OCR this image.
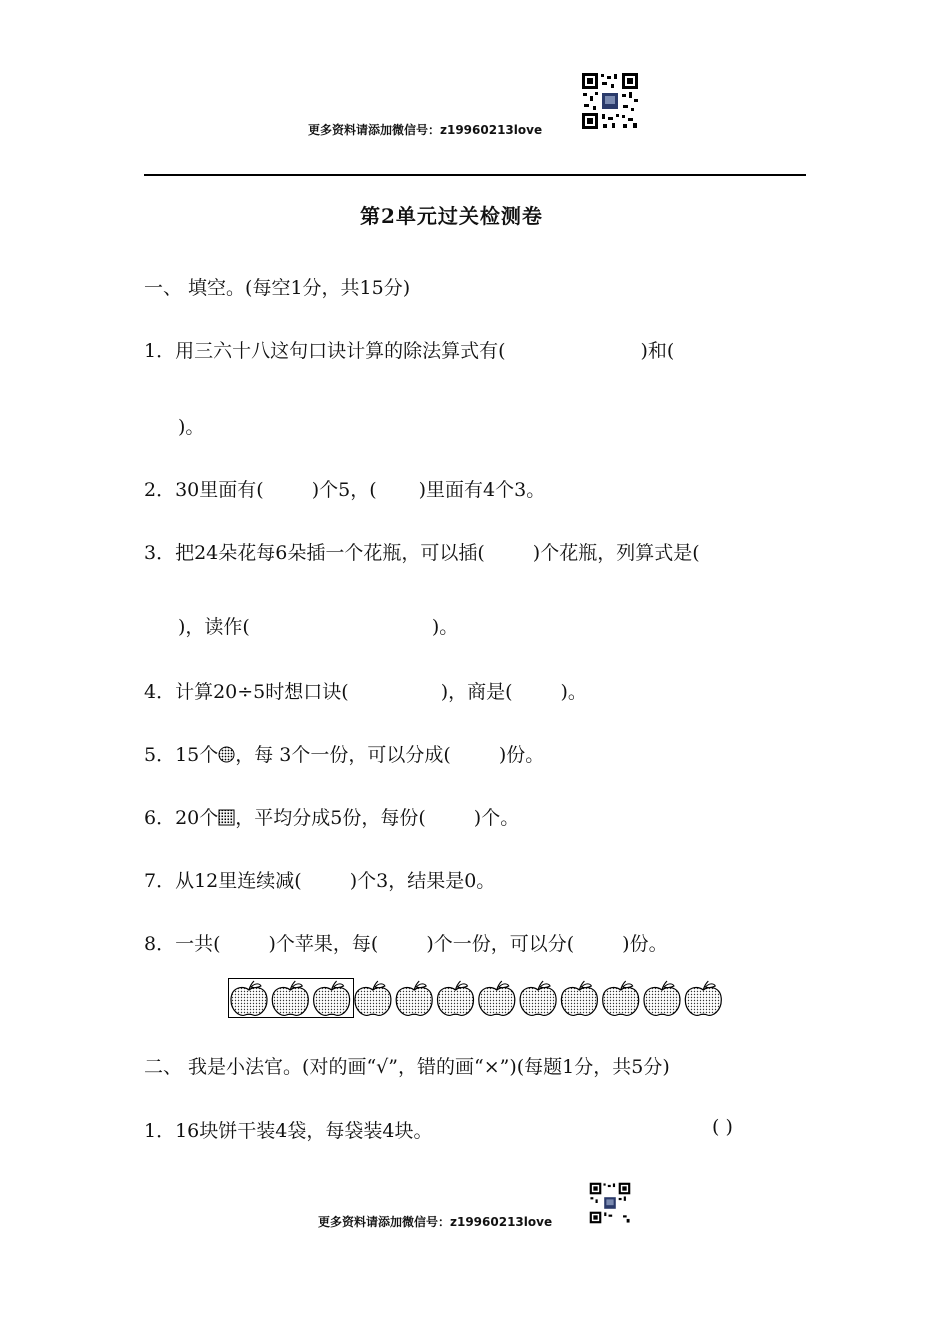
更多资料请添加微信号：z19960213love
第2单元过关检测卷
一、 填空。(每空1分，共15分)
1．用三六十八这句口诀计算的除法算式有(	)和(
)。
2．30里面有(	)个5，( )里面有4个3。
3．把24朵花每6朵插一个花瓶，可以插(	)个花瓶，列算式是(
)，读作(	)。
4．计算20÷5时想口诀(	)，商是(	)。
5．15个 ，每 3个一份，可以分成(	)份。
6．20个 ，平均分成5份，每份(	)个。
7．从12里连续减(	)个3，结果是0。
8．一共(	)个苹果，每(	)个一份，可以分(	)份。
二、 我是小法官。(对的画“√”，错的画“×”)(每题1分，共5分)
1．16块饼干装4袋，每袋装4块。	( )
更多资料请添加微信号：z19960213love
